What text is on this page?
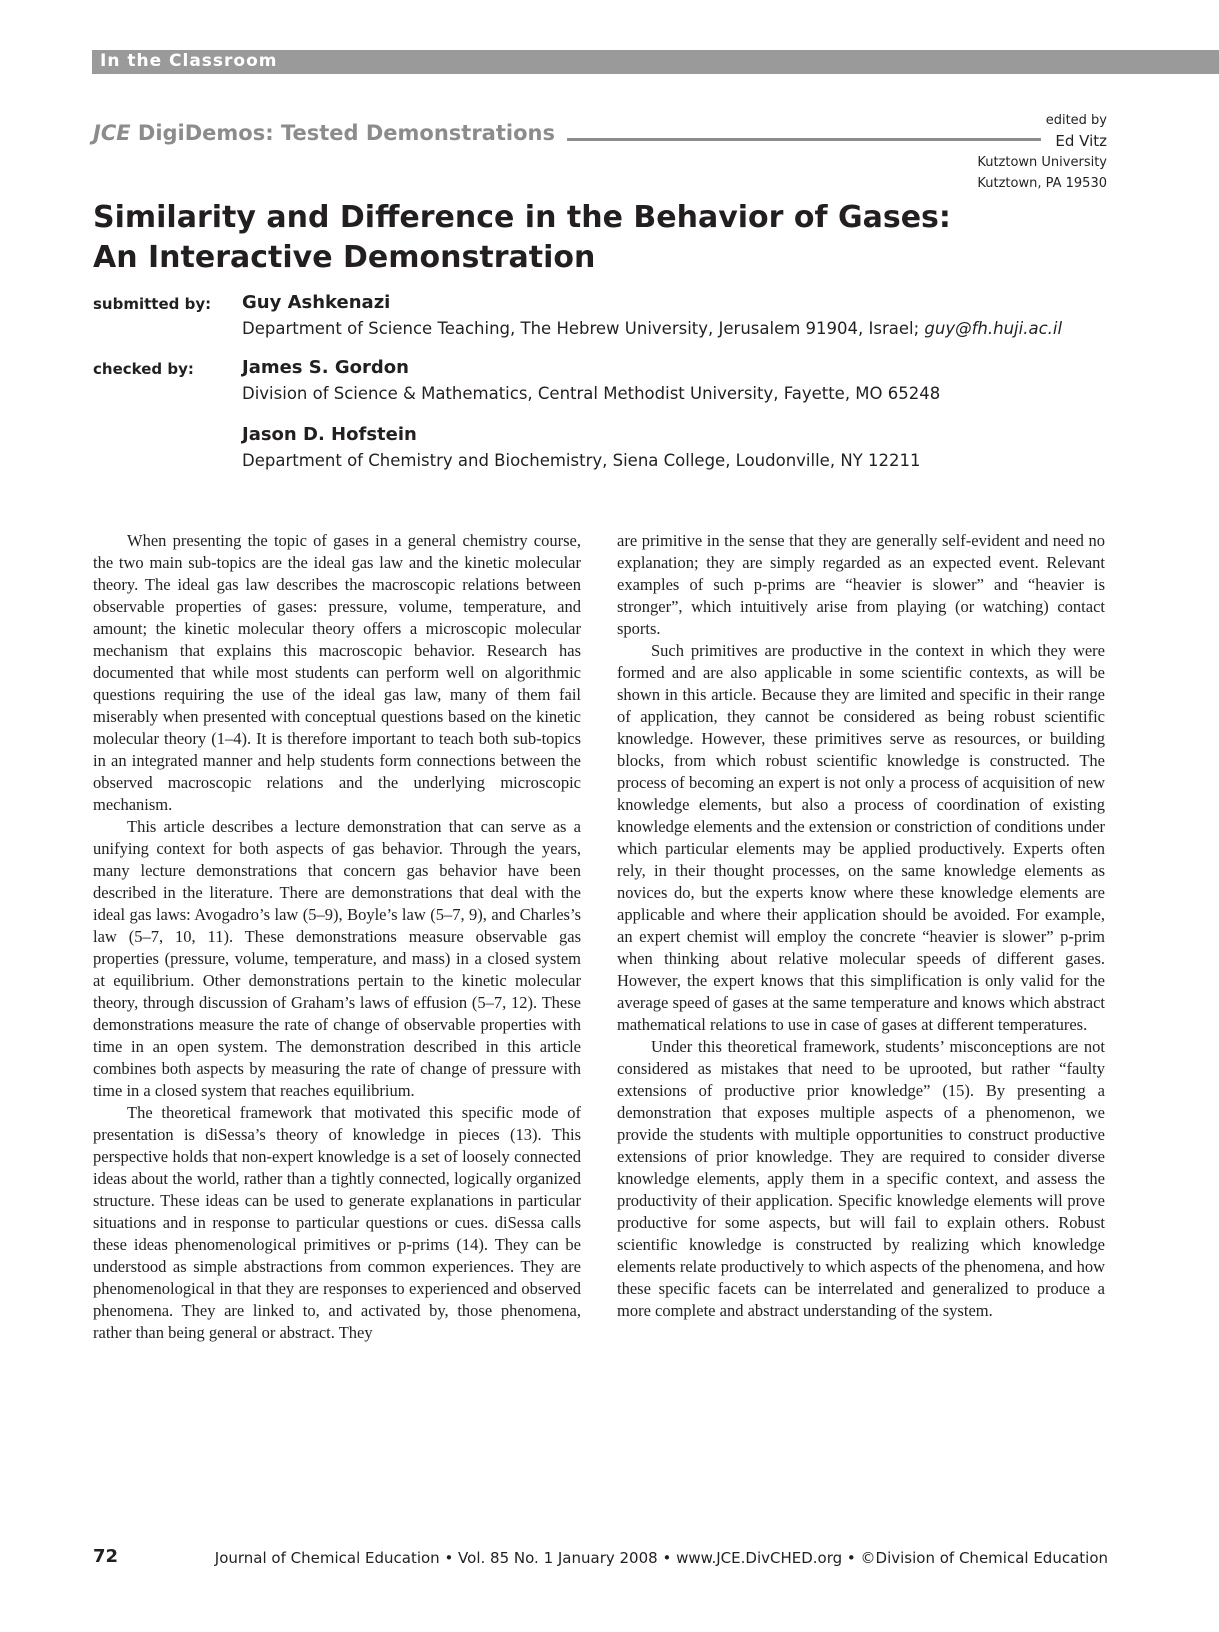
In the Classroom
JCE DigiDemos: Tested Demonstrations
edited by
Ed Vitz
Kutztown University
Kutztown, PA 19530
Similarity and Difference in the Behavior of Gases:
An Interactive Demonstration
submitted by: Guy Ashkenazi
Department of Science Teaching, The Hebrew University, Jerusalem 91904, Israel; guy@fh.huji.ac.il
checked by:	James S. Gordon
Division of Science & Mathematics, Central Methodist University, Fayette, MO 65248
Jason D. Hofstein
Department of Chemistry and Biochemistry, Siena College, Loudonville, NY 12211

When presenting the topic of gases in a general chemistry course, the two main sub-topics are the ideal gas law and the kinetic molecular theory. The ideal gas law describes the macroscopic relations between observable properties of gases: pressure, volume, temperature, and amount; the kinetic molecular theory offers a microscopic molecular mechanism that explains this macroscopic behavior. Research has documented that while most students can perform well on algorithmic questions requiring the use of the ideal gas law, many of them fail miserably when presented with conceptual questions based on the kinetic molecular theory (1–4). It is therefore important to teach both sub-topics in an integrated manner and help students form connections between the observed macroscopic relations and the underlying microscopic mechanism.

This article describes a lecture demonstration that can serve as a unifying context for both aspects of gas behavior. Through the years, many lecture demonstrations that concern gas behavior have been described in the literature. There are demonstrations that deal with the ideal gas laws: Avogadro’s law (5–9), Boyle’s law (5–7, 9), and Charles’s law (5–7, 10, 11). These demonstrations measure observable gas properties (pressure, volume, temperature, and mass) in a closed system at equilibrium. Other demonstrations pertain to the kinetic molecular theory, through discussion of Graham’s laws of effusion (5–7, 12). These demonstrations measure the rate of change of observable properties with time in an open system. The demonstration described in this article combines both aspects by measuring the rate of change of pressure with time in a closed system that reaches equilibrium.

The theoretical framework that motivated this specific mode of presentation is diSessa’s theory of knowledge in pieces (13). This perspective holds that non-expert knowledge is a set of loosely connected ideas about the world, rather than a tightly connected, logically organized structure. These ideas can be used to generate explanations in particular situations and in response to particular questions or cues. diSessa calls these ideas phenomenological primitives or p-prims (14). They can be understood as simple abstractions from common experiences. They are phenomenological in that they are responses to experienced and observed phenomena. They are linked to, and activated by, those phenomena, rather than being general or abstract. They

are primitive in the sense that they are generally self-evident and need no explanation; they are simply regarded as an expected event. Relevant examples of such p-prims are “heavier is slower” and “heavier is stronger”, which intuitively arise from playing (or watching) contact sports.

Such primitives are productive in the context in which they were formed and are also applicable in some scientific contexts, as will be shown in this article. Because they are limited and specific in their range of application, they cannot be considered as being robust scientific knowledge. However, these primitives serve as resources, or building blocks, from which robust scientific knowledge is constructed. The process of becoming an expert is not only a process of acquisition of new knowledge elements, but also a process of coordination of existing knowledge elements and the extension or constriction of conditions under which particular elements may be applied productively. Experts often rely, in their thought processes, on the same knowledge elements as novices do, but the experts know where these knowledge elements are applicable and where their application should be avoided. For example, an expert chemist will employ the concrete “heavier is slower” p-prim when thinking about relative molecular speeds of different gases. However, the expert knows that this simplification is only valid for the average speed of gases at the same temperature and knows which abstract mathematical relations to use in case of gases at different temperatures.

Under this theoretical framework, students’ misconceptions are not considered as mistakes that need to be uprooted, but rather “faulty extensions of productive prior knowledge” (15). By presenting a demonstration that exposes multiple aspects of a phenomenon, we provide the students with multiple opportunities to construct productive extensions of prior knowledge. They are required to consider diverse knowledge elements, apply them in a specific context, and assess the productivity of their application. Specific knowledge elements will prove productive for some aspects, but will fail to explain others. Robust scientific knowledge is constructed by realizing which knowledge elements relate productively to which aspects of the phenomena, and how these specific facets can be interrelated and generalized to produce a more complete and abstract understanding of the system.

72	Journal of Chemical Education • Vol. 85 No. 1 January 2008 • www.JCE.DivCHED.org • ©Division of Chemical Education
